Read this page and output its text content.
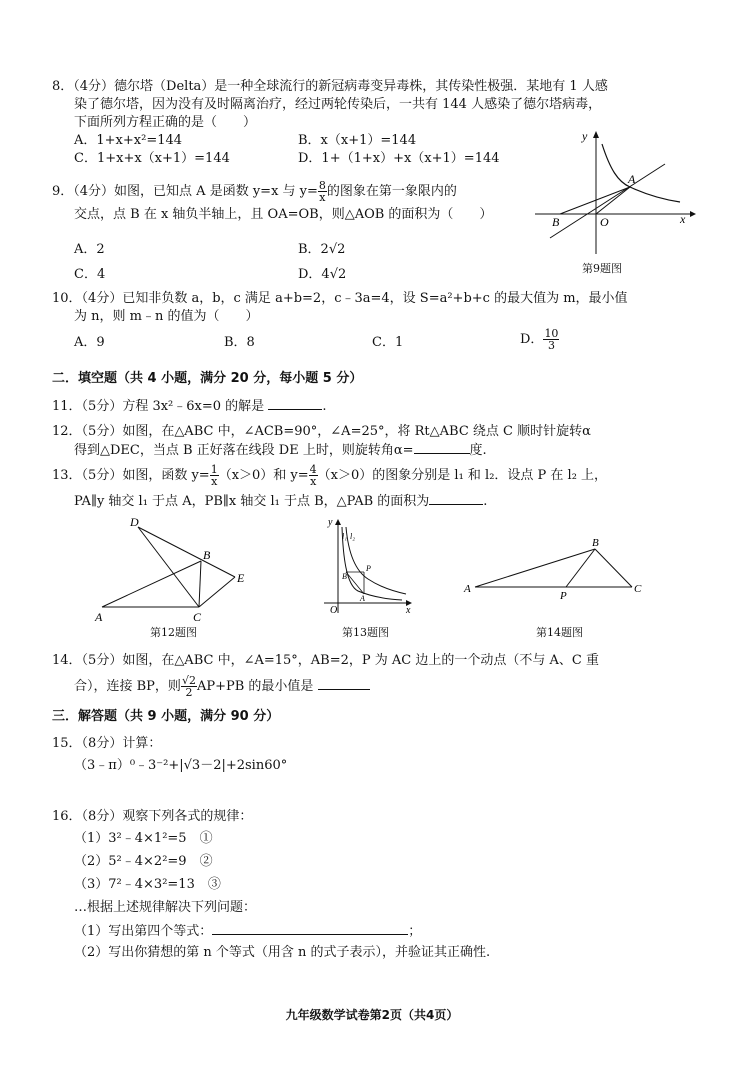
8．（4分）德尔塔（Delta）是一种全球流行的新冠病毒变异毒株，其传染性极强．某地有 1 人感
染了德尔塔，因为没有及时隔离治疗，经过两轮传染后，一共有 144 人感染了德尔塔病毒，
下面所列方程正确的是（　　）
A．1+x+x²=144	B．x（x+1）=144
C．1+x+x（x+1）=144	D．1+（1+x）+x（x+1）=144
9．（4分）如图，已知点 A 是函数 y=x 与 $y= \frac{8}{x}$ 的图象在第一象限内的
交点，点 B 在 x 轴负半轴上，且 OA=OB，则△AOB 的面积为（　　）
A．2	B．2√2
C．4	D．4√2
y
x
A
B	O
第9题图
10．（4分）已知非负数 a，b，c 满足 a+b=2，c﹣3a=4，设 S=a²+b+c 的最大值为 m，最小值
为 n，则 m﹣n 的值为（　　）
A．9	B．8	C．1	D． $\frac{10}{3}$
二．填空题（共 4 小题，满分 20 分，每小题 5 分）
11．（5分）方程 3x²﹣6x=0 的解是	.
12．（5分）如图，在△ABC 中，∠ACB=90°，∠A=25°，将 Rt△ABC 绕点 C 顺时针旋转α
得到△DEC，当点 B 正好落在线段 DE 上时，则旋转角α=	度.
13．（5分）如图，函数 $y= \frac{1}{x} (x>0)$和 $y= \frac{4}{x} (x>0)$的图象分别是 l₁ 和 l₂．设点 P 在 l₂ 上，
PA∥y 轴交 l₁ 于点 A，PB∥x 轴交 l₁ 于点 B，△PAB 的面积为	.
D
B
E
A	C
第12题图
y
x
O
l₁ l₂
B
P
A
第13题图
A
B
P
C
第14题图
14．（5分）如图，在△ABC 中，∠A=15°，AB=2，P 为 AC 边上的一个动点（不与 A、C 重
合），连接 BP，则 $\frac{√2}{2} AP+PB$ 的最小值是
三．解答题（共 9 小题，满分 90 分）
15．（8分）计算：
（3﹣π）⁰﹣3⁻²+|√3－2|+2sin60°
16．（8分）观察下列各式的规律：
（1）3²﹣4×1²=5　①
（2）5²﹣4×2²=9　②
（3）7²﹣4×3²=13　③
…根据上述规律解决下列问题：
（1）写出第四个等式：	；
（2）写出你猜想的第 n 个等式（用含 n 的式子表示），并验证其正确性.
九年级数学试卷第2页（共4页）
